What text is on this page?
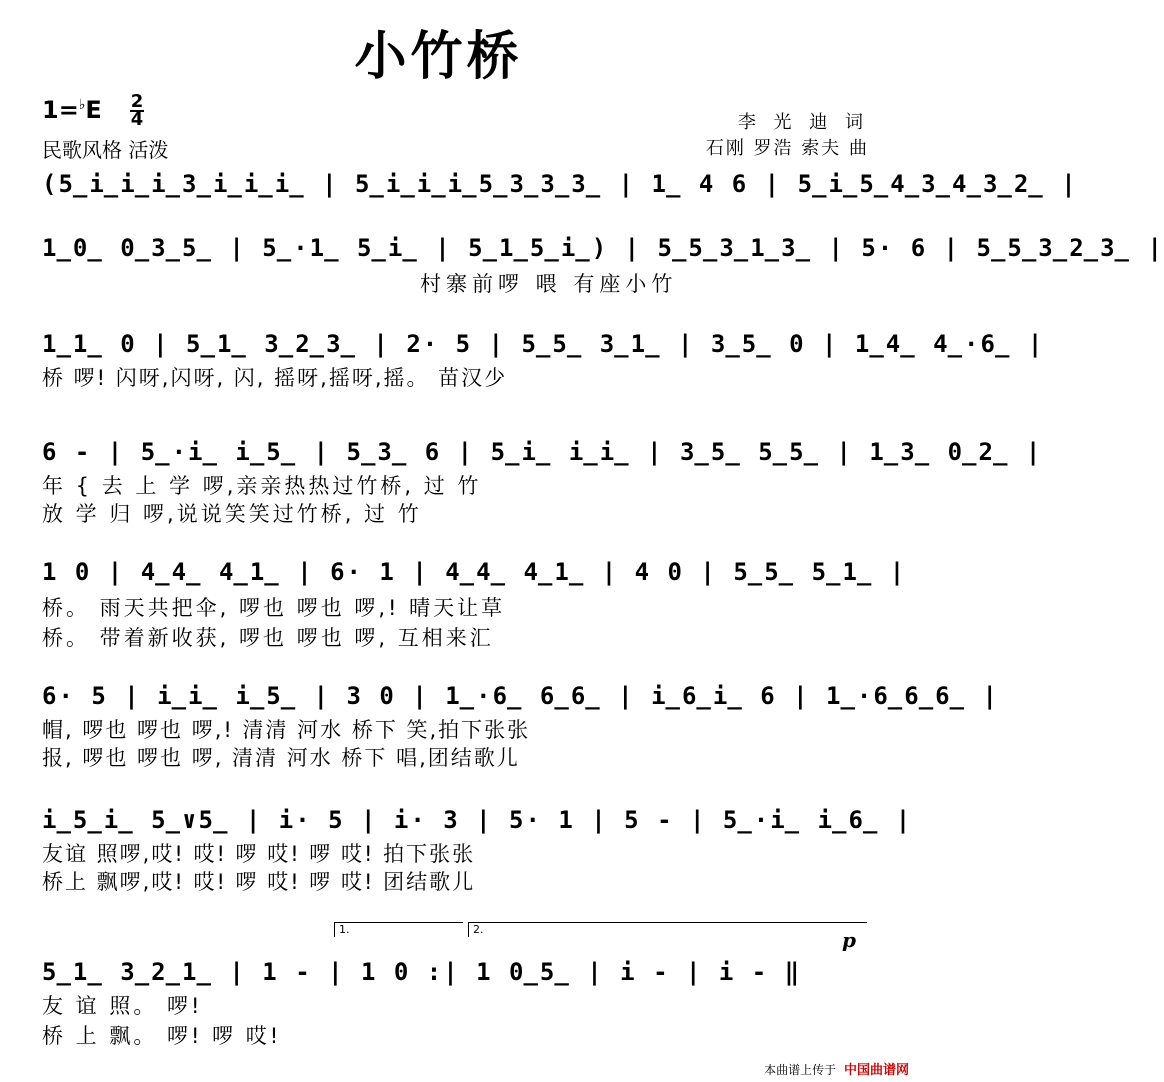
小竹桥
1=♭E 2
4
民歌风格 活泼
李 光 迪 词
石刚 罗浩 索夫 曲
(5̲i̲i̲i̲3̲i̲i̲i̲ | 5̲i̲i̲i̲5̲3̲3̲3̲ | 1̲ 4 6 | 5̲i̲5̲4̲3̲4̲3̲2̲ |
1̲0̲ 0̲3̲5̲ | 5̲·1̲ 5̲i̲ | 5̲1̲5̲i̲) | 5̲5̲3̲1̲3̲ | 5· 6 | 5̲5̲3̲2̲3̲ |
村寨前啰 喂 有座小竹
1̲1̲ 0 | 5̲1̲ 3̲2̲3̲ | 2· 5 | 5̲5̲ 3̲1̲ | 3̲5̲ 0 | 1̲4̲ 4̲·6̲ |
桥 啰! 闪呀,闪呀, 闪, 摇呀,摇呀,摇。 苗汉少
6 - | 5̲·i̲ i̲5̲ | 5̲3̲ 6 | 5̲i̲ i̲i̲ | 3̲5̲ 5̲5̲ | 1̲3̲ 0̲2̲ |
年 { 去 上 学 啰,亲亲热热过竹桥, 过 竹
放 学 归 啰,说说笑笑过竹桥, 过 竹
1 0 | 4̲4̲ 4̲1̲ | 6· 1 | 4̲4̲ 4̲1̲ | 4 0 | 5̲5̲ 5̲1̲ |
桥。 雨天共把伞, 啰也 啰也 啰,! 晴天让草
桥。 带着新收获, 啰也 啰也 啰, 互相来汇
6· 5 | i̲i̲ i̲5̲ | 3 0 | 1̲·6̲ 6̲6̲ | i̲6̲i̲ 6 | 1̲·6̲6̲6̲ |
帽, 啰也 啰也 啰,! 清清 河水 桥下 笑,拍下张张
报, 啰也 啰也 啰, 清清 河水 桥下 唱,团结歌儿
i̲5̲i̲ 5̲∨5̲ | i· 5 | i· 3 | 5· 1 | 5 - | 5̲·i̲ i̲6̲ |
友谊 照啰,哎! 哎! 啰 哎! 啰 哎! 拍下张张
桥上 飘啰,哎! 哎! 啰 哎! 啰 哎! 团结歌儿
1.	2.	p
5̲1̲ 3̲2̲1̲ | 1 - | 1 0 :| 1 0̲5̲ | i - | i - ‖
友 谊 照。 啰!
桥 上 飘。 啰! 啰 哎!
本曲谱上传于 中国曲谱网
